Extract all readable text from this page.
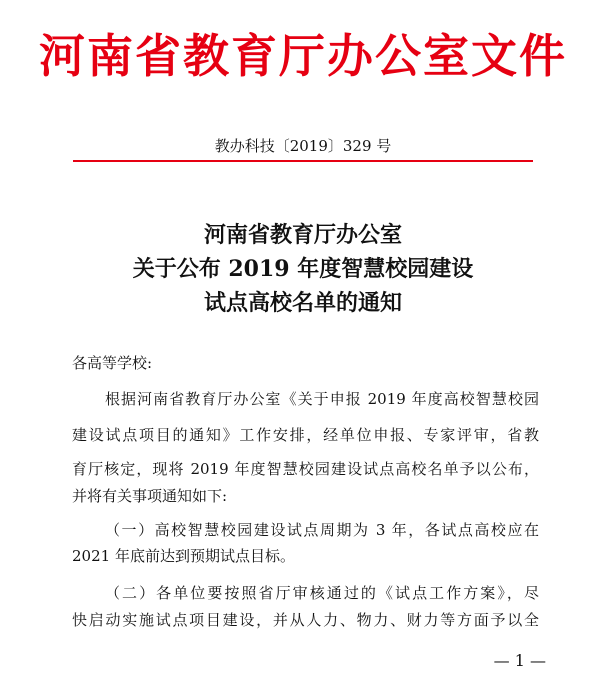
河南省教育厅办公室文件
教办科技〔2019〕329 号
河南省教育厅办公室
关于公布 2019 年度智慧校园建设
试点高校名单的通知
各高等学校:
根据河南省教育厅办公室《关于申报 2019 年度高校智慧校园
建设试点项目的通知》工作安排，经单位申报、专家评审，省教
育厅核定，现将 2019 年度智慧校园建设试点高校名单予以公布，
并将有关事项通知如下:
（一）高校智慧校园建设试点周期为 3 年，各试点高校应在
2021 年底前达到预期试点目标。
（二）各单位要按照省厅审核通过的《试点工作方案》，尽
快启动实施试点项目建设，并从人力、物力、财力等方面予以全
— 1 —
